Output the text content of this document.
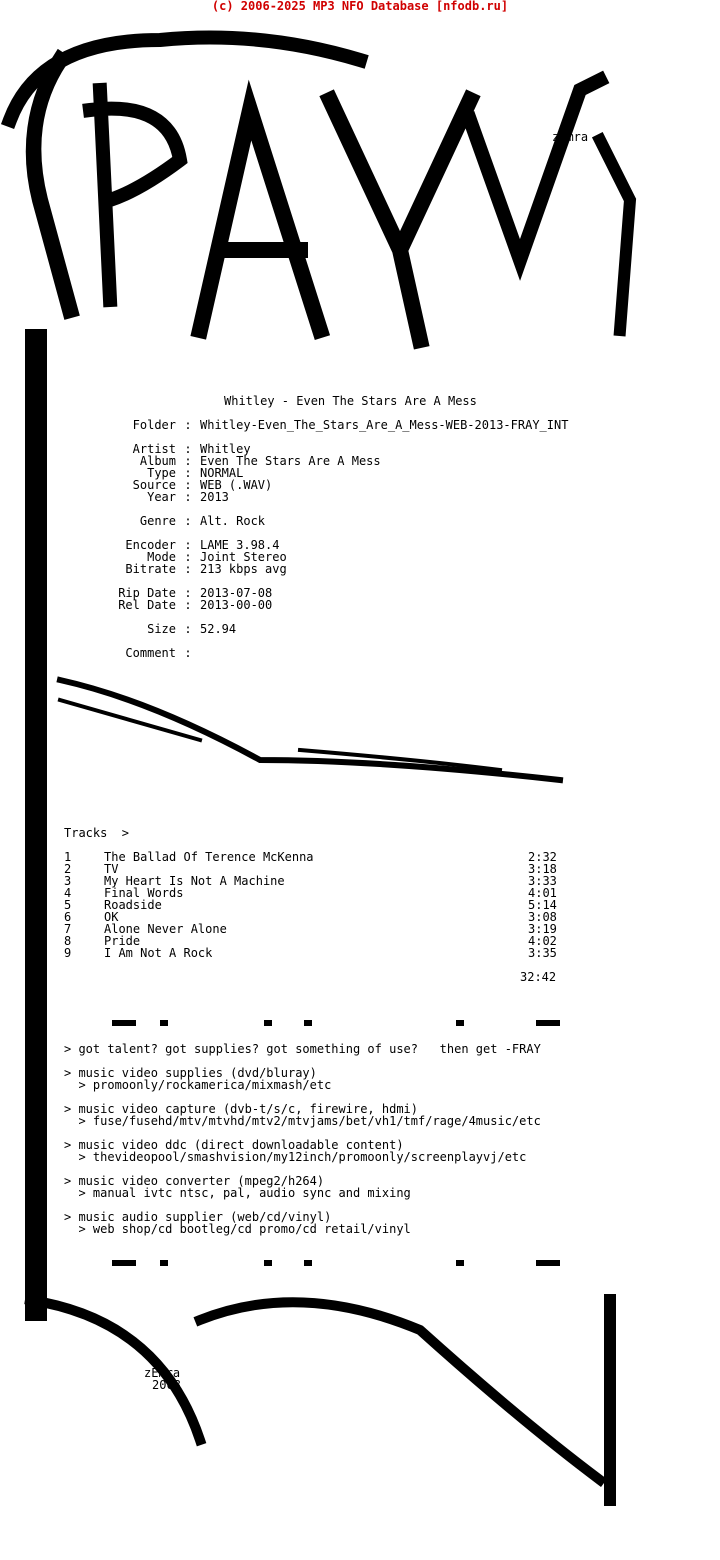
(c) 2006-2025 MP3 NFO Database [nfodb.ru]
zEmra
zEmra
2008
Whitley - Even The Stars Are A Mess
Folder : Whitley-Even_The_Stars_Are_A_Mess-WEB-2013-FRAY_INT
Artist : Whitley
Album : Even The Stars Are A Mess
Type : NORMAL
Source : WEB (.WAV)
Year : 2013
Genre : Alt. Rock
Encoder : LAME 3.98.4
Mode : Joint Stereo
Bitrate : 213 kbps avg
Rip Date : 2013-07-08
Rel Date : 2013-00-00
Size : 52.94
Comment :
Tracks  >
1	The Ballad Of Terence McKenna	2:32
2	TV	3:18
3	My Heart Is Not A Machine	3:33
4	Final Words	4:01
5	Roadside	5:14
6	OK	3:08
7	Alone Never Alone	3:19
8	Pride	4:02
9	I Am Not A Rock	3:35
32:42
> got talent? got supplies? got something of use?   then get -FRAY
> music video supplies (dvd/bluray)
> promoonly/rockamerica/mixmash/etc
> music video capture (dvb-t/s/c, firewire, hdmi)
> fuse/fusehd/mtv/mtvhd/mtv2/mtvjams/bet/vh1/tmf/rage/4music/etc
> music video ddc (direct downloadable content)
> thevideopool/smashvision/my12inch/promoonly/screenplayvj/etc
> music video converter (mpeg2/h264)
> manual ivtc ntsc, pal, audio sync and mixing
> music audio supplier (web/cd/vinyl)
> web shop/cd bootleg/cd promo/cd retail/vinyl
